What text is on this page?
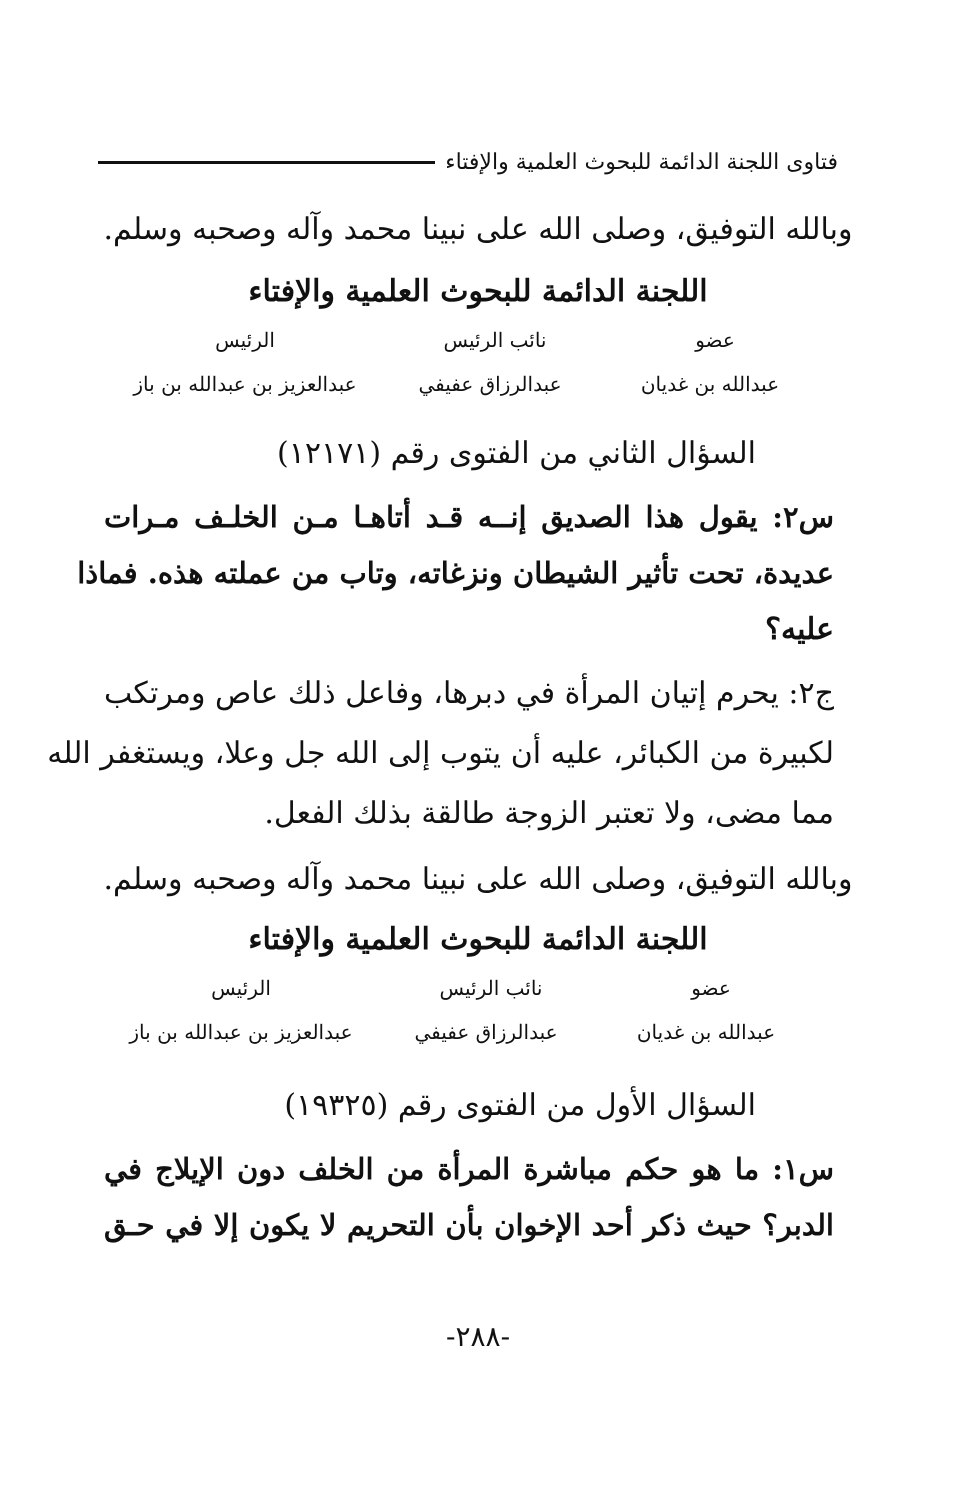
فتاوى اللجنة الدائمة للبحوث العلمية والإفتاء
وبالله التوفيق، وصلى الله على نبينا محمد وآله وصحبه وسلم.
اللجنة الدائمة للبحوث العلمية والإفتاء
عضو
نائب الرئيس
الرئيس
عبدالله بن غديان
عبدالرزاق عفيفي
عبدالعزيز بن عبدالله بن باز
السؤال الثاني من الفتوى رقم (١٢١٧١)
س٢: يقول هذا الصديق إنــه قـد أتاهـا مـن الخلـف مـرات
عديدة، تحت تأثير الشيطان ونزغاته، وتاب من عملته هذه. فماذا
عليه؟
ج٢: يحرم إتيان المرأة في دبرها، وفاعل ذلك عاص ومرتكب
لكبيرة من الكبائر، عليه أن يتوب إلى الله جل وعلا، ويستغفر الله
مما مضى، ولا تعتبر الزوجة طالقة بذلك الفعل.
وبالله التوفيق، وصلى الله على نبينا محمد وآله وصحبه وسلم.
اللجنة الدائمة للبحوث العلمية والإفتاء
عضو
نائب الرئيس
الرئيس
عبدالله بن غديان
عبدالرزاق عفيفي
عبدالعزيز بن عبدالله بن باز
السؤال الأول من الفتوى رقم (١٩٣٢٥)
س١: ما هو حكم مباشرة المرأة من الخلف دون الإيلاج في
الدبر؟ حيث ذكر أحد الإخوان بأن التحريم لا يكون إلا في حـق
-٢٨٨-
